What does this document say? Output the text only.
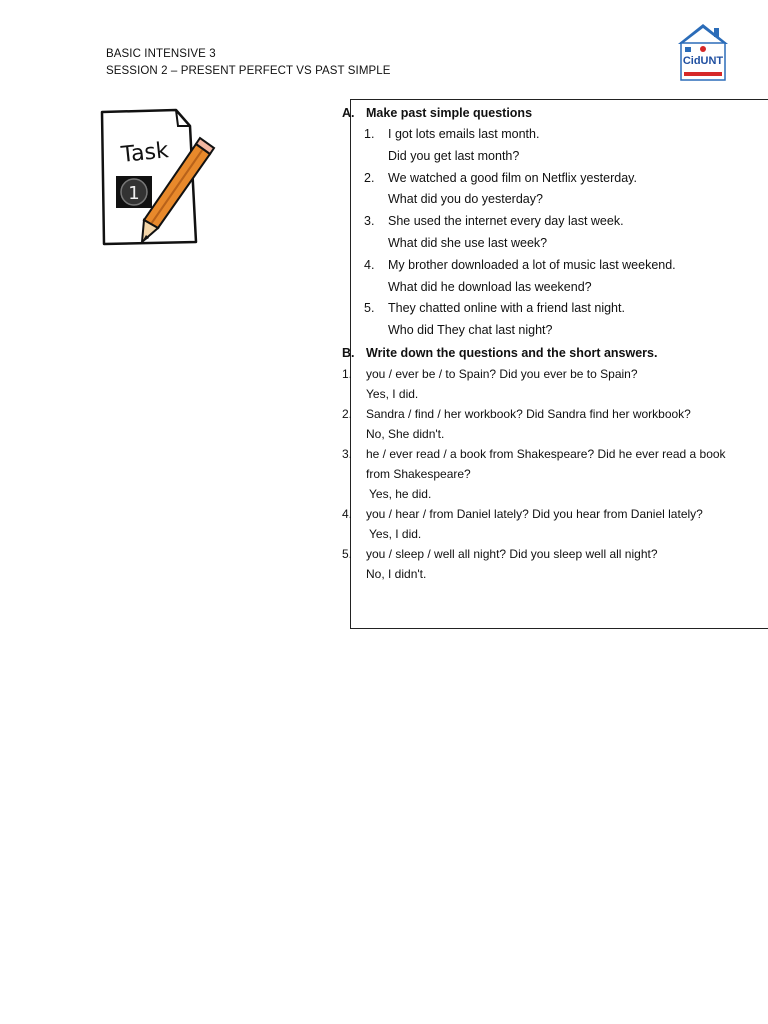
BASIC INTENSIVE 3
SESSION 2 – PRESENT PERFECT VS PAST SIMPLE
CidUNT
Task
1
A. Make past simple questions
1. I got lots emails last month.
Did you get last month?
2. We watched a good film on Netflix yesterday.
What did you do yesterday?
3. She used the internet every day last week.
What did she use last week?
4. My brother downloaded a lot of music last weekend.
What did he download las weekend?
5. They chatted online with a friend last night.
Who did They chat last night?
B. Write down the questions and the short answers.
1. you / ever be / to Spain? Did you ever be to Spain?
Yes, I did.
2. Sandra / find / her workbook? Did Sandra find her workbook?
No, She didn't.
3. he / ever read / a book from Shakespeare? Did he ever read a book
from Shakespeare?
Yes, he did.
4. you / hear / from Daniel lately? Did you hear from Daniel lately?
Yes, I did.
5. you / sleep / well all night? Did you sleep well all night?
No, I didn't.
